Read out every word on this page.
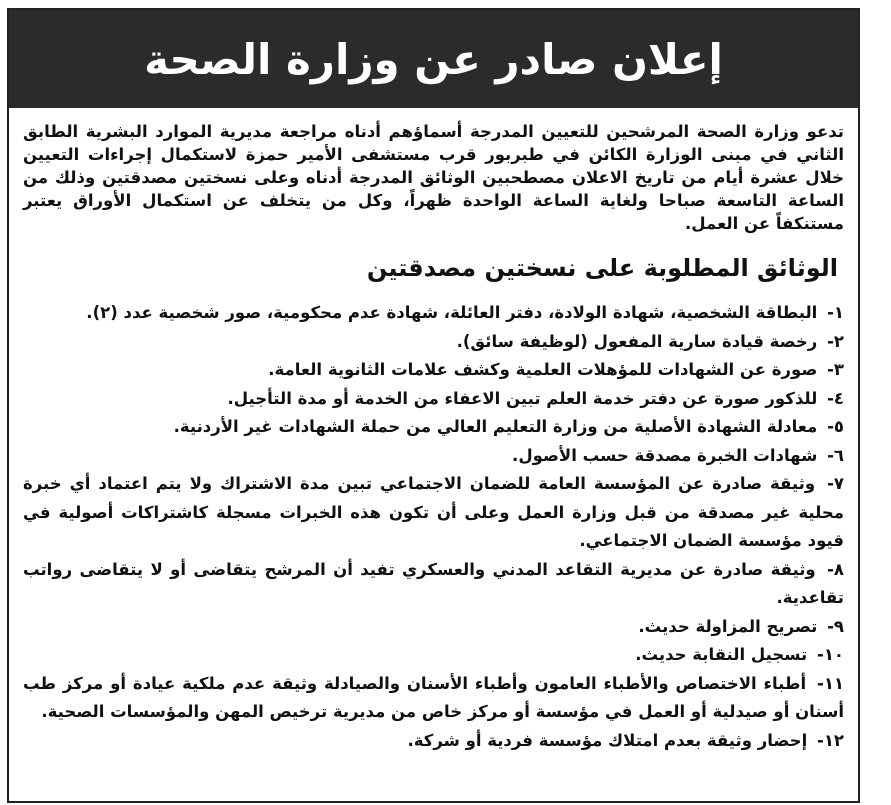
إعلان صادر عن وزارة الصحة

تدعو وزارة الصحة المرشحين للتعيين المدرجة أسماؤهم أدناه مراجعة مديرية الموارد البشرية الطابق الثاني في مبنى الوزارة الكائن في طبربور قرب مستشفى الأمير حمزة لاستكمال إجراءات التعيين خلال عشرة أيام من تاريخ الاعلان مصطحبين الوثائق المدرجة أدناه وعلى نسختين مصدقتين وذلك من الساعة التاسعة صباحا ولغاية الساعة الواحدة ظهراً، وكل من يتخلف عن استكمال الأوراق يعتبر مستنكفاً عن العمل.

الوثائق المطلوبة على نسختين مصدقتين
١- البطاقة الشخصية، شهادة الولادة، دفتر العائلة، شهادة عدم محكومية، صور شخصية عدد (٢).
٢- رخصة قيادة سارية المفعول (لوظيفة سائق).
٣- صورة عن الشهادات للمؤهلات العلمية وكشف علامات الثانوية العامة.
٤- للذكور صورة عن دفتر خدمة العلم تبين الاعفاء من الخدمة أو مدة التأجيل.
٥- معادلة الشهادة الأصلية من وزارة التعليم العالي من حملة الشهادات غير الأردنية.
٦- شهادات الخبرة مصدقة حسب الأصول.
٧- وثيقة صادرة عن المؤسسة العامة للضمان الاجتماعي تبين مدة الاشتراك ولا يتم اعتماد أي خبرة محلية غير مصدقة من قبل وزارة العمل وعلى أن تكون هذه الخبرات مسجلة كاشتراكات أصولية في قيود مؤسسة الضمان الاجتماعي.
٨- وثيقة صادرة عن مديرية التقاعد المدني والعسكري تفيد أن المرشح يتقاضى أو لا يتقاضى رواتب تقاعدية.
٩- تصريح المزاولة حديث.
١٠- تسجيل النقابة حديث.
١١- أطباء الاختصاص والأطباء العامون وأطباء الأسنان والصيادلة وثيقة عدم ملكية عيادة أو مركز طب أسنان أو صيدلية أو العمل في مؤسسة أو مركز خاص من مديرية ترخيص المهن والمؤسسات الصحية.
١٢- إحضار وثيقة بعدم امتلاك مؤسسة فردية أو شركة.
